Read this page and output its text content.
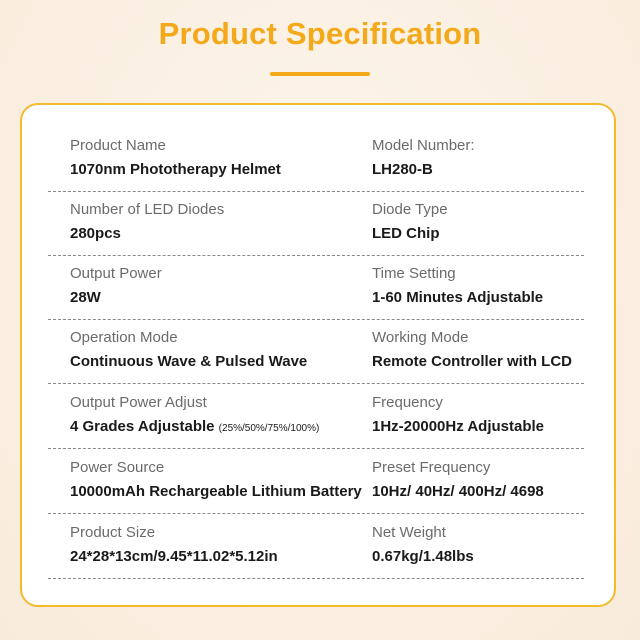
Product Specification
Product Name
1070nm Phototherapy Helmet
Model Number:
LH280-B
Number of LED Diodes
280pcs
Diode Type
LED Chip
Output Power
28W
Time Setting
1-60 Minutes Adjustable
Operation Mode
Continuous Wave & Pulsed Wave
Working Mode
Remote Controller with LCD
Output Power Adjust
4 Grades Adjustable (25%/50%/75%/100%)
Frequency
1Hz-20000Hz Adjustable
Power Source
10000mAh Rechargeable Lithium Battery
Preset Frequency
10Hz/ 40Hz/ 400Hz/ 4698
Product Size
24*28*13cm/9.45*11.02*5.12in
Net Weight
0.67kg/1.48lbs
